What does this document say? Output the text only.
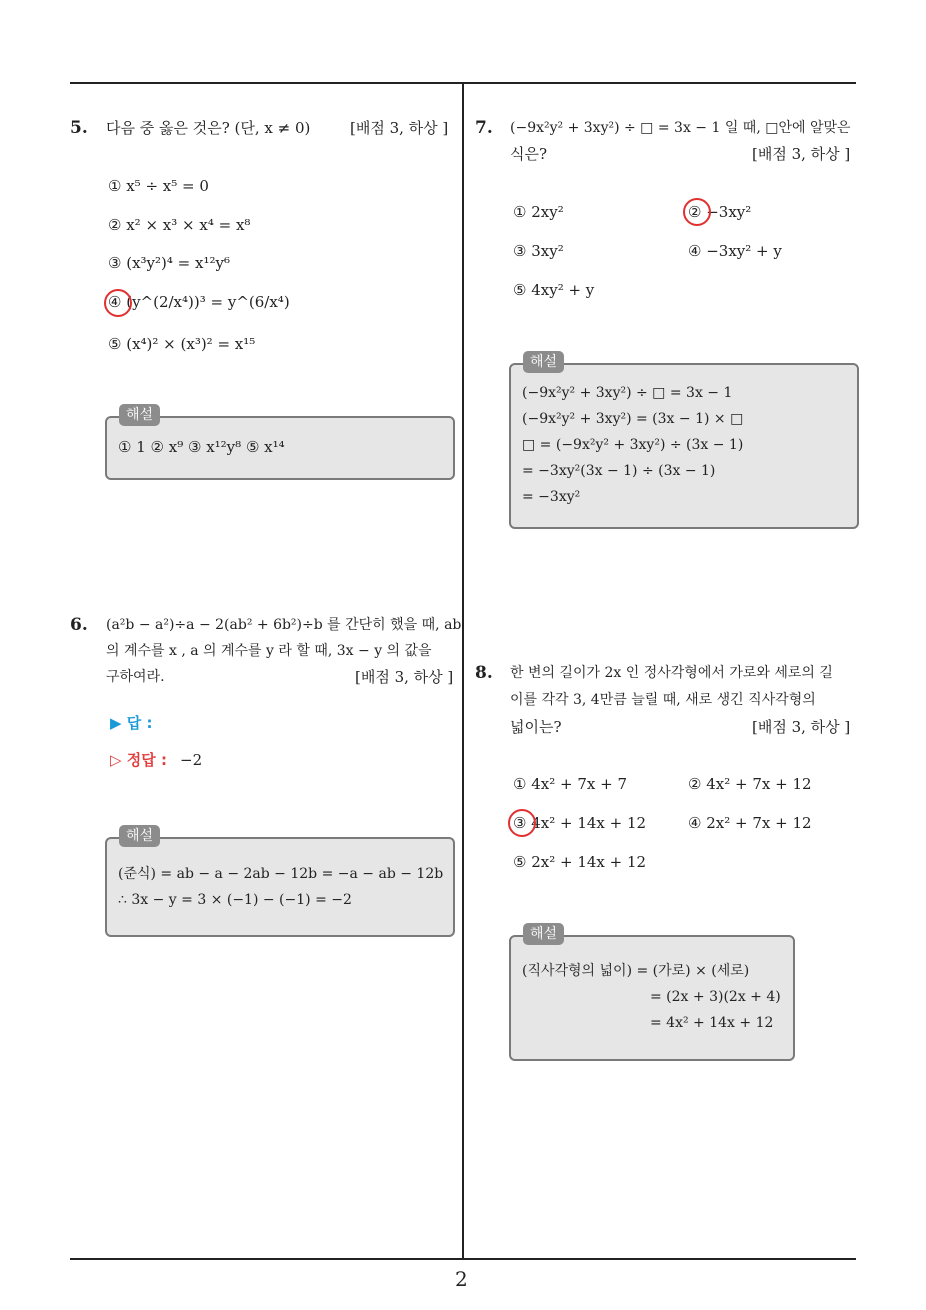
2
5. 다음 중 옳은 것은? (단, x ≠ 0)	[배점 3, 하상 ]
① x⁵ ÷ x⁵ = 0
② x² × x³ × x⁴ = x⁸
③ (x³y²)⁴ = x¹²y⁶
④ (y^(2/x⁴))³ = y^(6/x⁴)
⑤ (x⁴)² × (x³)² = x¹⁵
해설
① 1 ② x⁹ ③ x¹²y⁸ ⑤ x¹⁴
6. (a²b − a²)÷a − 2(ab² + 6b²)÷b 를 간단히 했을 때, ab
의 계수를 x , a 의 계수를 y 라 할 때, 3x − y 의 값을
구하여라.	[배점 3, 하상 ]
▶ 답 :
▷ 정답 : −2
해설
(준식) = ab − a − 2ab − 12b = −a − ab − 12b
∴ 3x − y = 3 × (−1) − (−1) = −2
7. (−9x²y² + 3xy²) ÷ □ = 3x − 1 일 때, □안에 알맞은
식은?	[배점 3, 하상 ]
① 2xy²	② −3xy²
③ 3xy²	④ −3xy² + y
⑤ 4xy² + y
해설
(−9x²y² + 3xy²) ÷ □ = 3x − 1
(−9x²y² + 3xy²) = (3x − 1) × □
□ = (−9x²y² + 3xy²) ÷ (3x − 1)
= −3xy²(3x − 1) ÷ (3x − 1)
= −3xy²
8. 한 변의 길이가 2x 인 정사각형에서 가로와 세로의 길
이를 각각 3, 4만큼 늘릴 때, 새로 생긴 직사각형의
넓이는?	[배점 3, 하상 ]
① 4x² + 7x + 7	② 4x² + 7x + 12
③ 4x² + 14x + 12	④ 2x² + 7x + 12
⑤ 2x² + 14x + 12
해설
(직사각형의 넓이) = (가로) × (세로)
= (2x + 3)(2x + 4)
= 4x² + 14x + 12
